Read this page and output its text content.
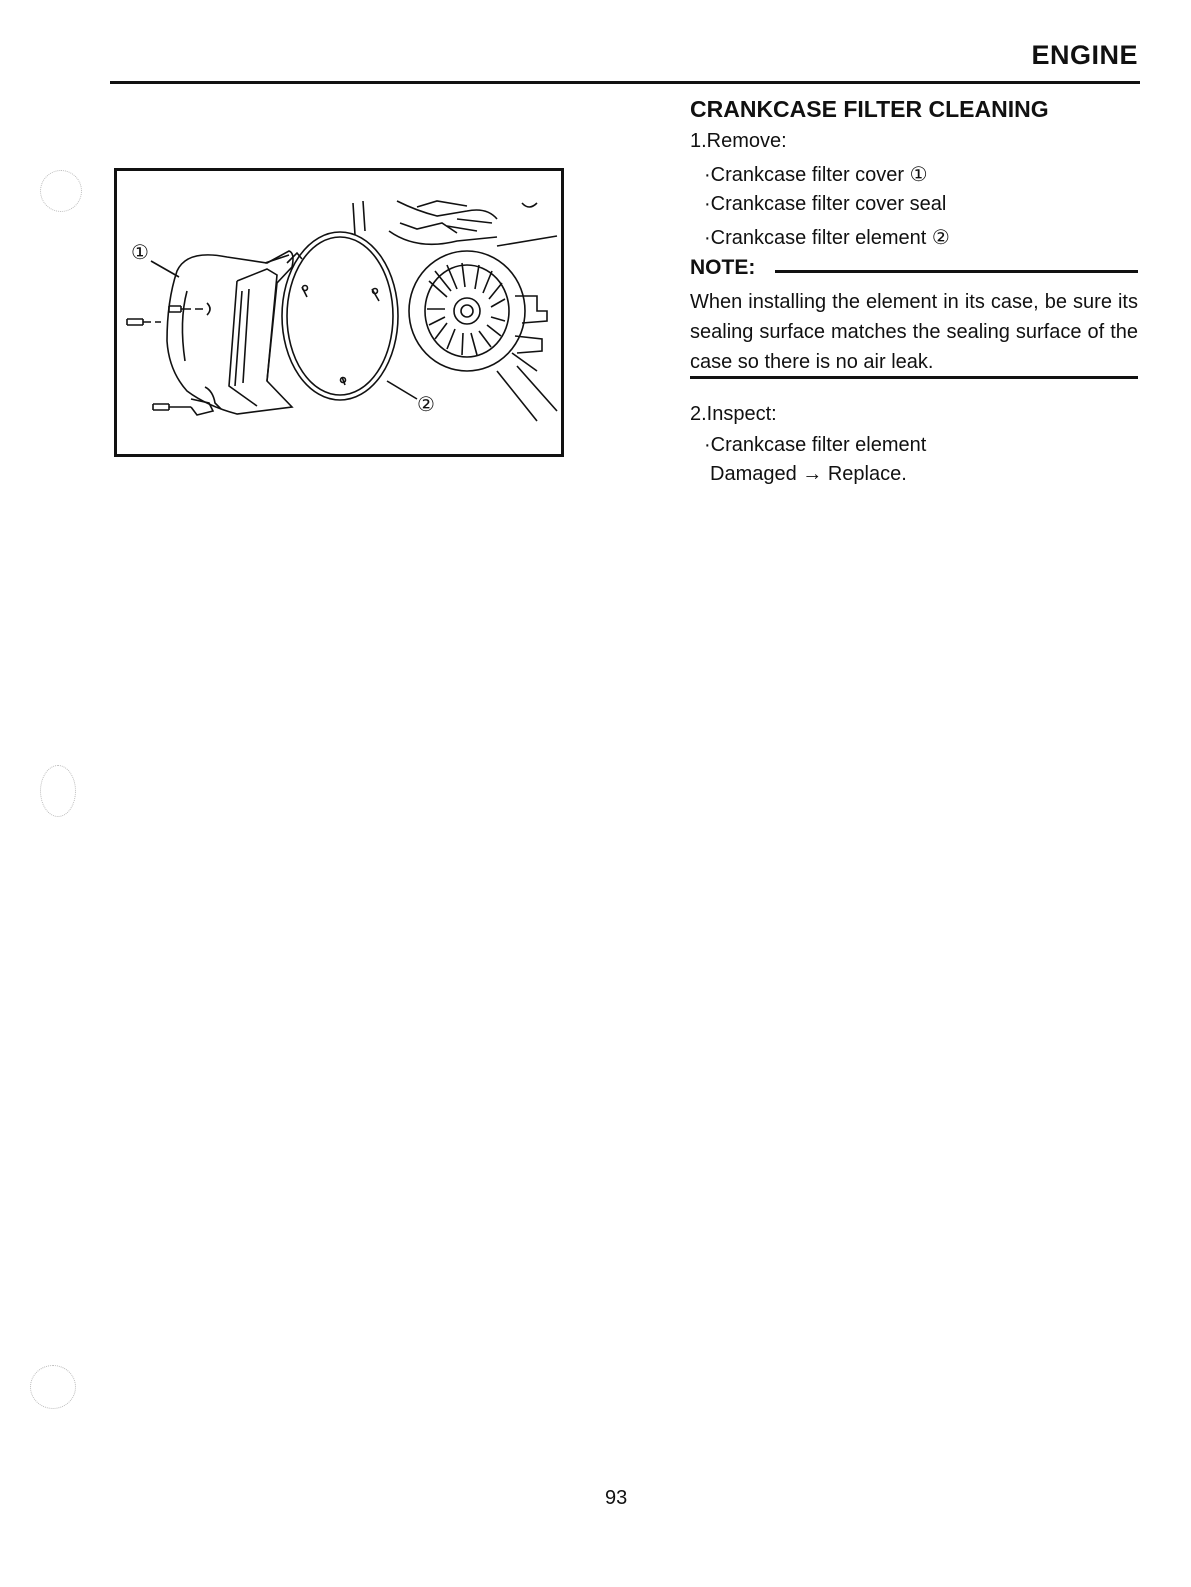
ENGINE
①
②
CRANKCASE FILTER CLEANING
1.Remove:
·Crankcase filter cover ①
·Crankcase filter cover seal
·Crankcase filter element ②
NOTE:
When installing the element in its case, be sure its sealing surface matches the sealing surface of the case so there is no air leak.
2.Inspect:
·Crankcase filter element
Damaged → Replace.
93
